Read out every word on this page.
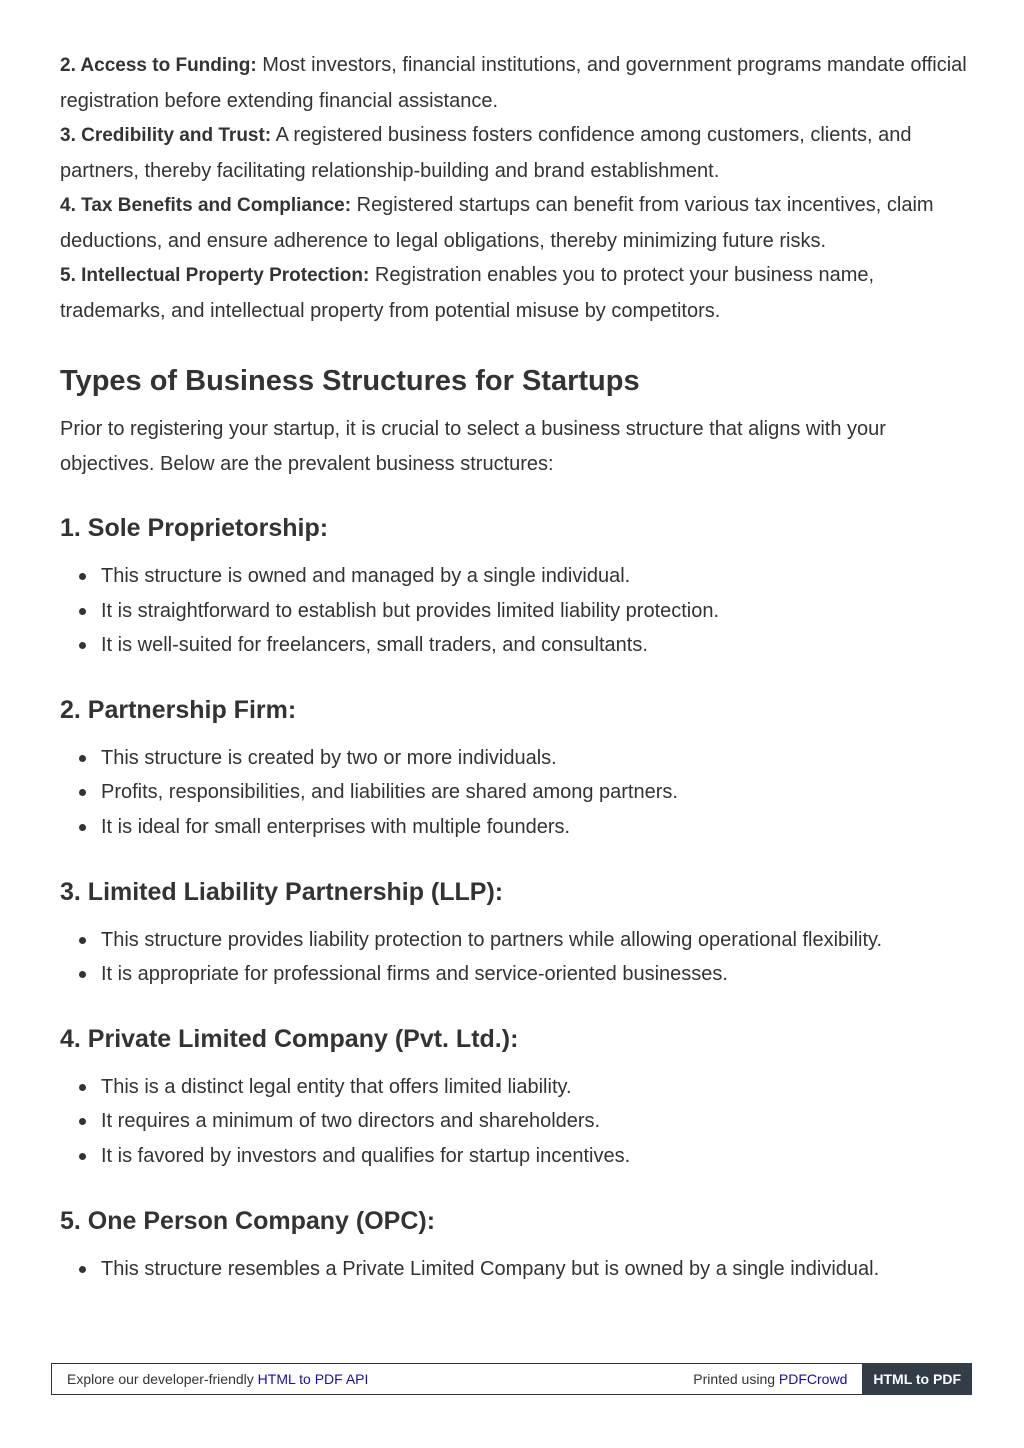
2. Access to Funding: Most investors, financial institutions, and government programs mandate official registration before extending financial assistance.

3. Credibility and Trust: A registered business fosters confidence among customers, clients, and partners, thereby facilitating relationship-building and brand establishment.

4. Tax Benefits and Compliance: Registered startups can benefit from various tax incentives, claim deductions, and ensure adherence to legal obligations, thereby minimizing future risks.

5. Intellectual Property Protection: Registration enables you to protect your business name, trademarks, and intellectual property from potential misuse by competitors.

Types of Business Structures for Startups

Prior to registering your startup, it is crucial to select a business structure that aligns with your objectives. Below are the prevalent business structures:

1. Sole Proprietorship:
This structure is owned and managed by a single individual.
It is straightforward to establish but provides limited liability protection.
It is well-suited for freelancers, small traders, and consultants.
2. Partnership Firm:
This structure is created by two or more individuals.
Profits, responsibilities, and liabilities are shared among partners.
It is ideal for small enterprises with multiple founders.
3. Limited Liability Partnership (LLP):
This structure provides liability protection to partners while allowing operational flexibility.
It is appropriate for professional firms and service-oriented businesses.
4. Private Limited Company (Pvt. Ltd.):
This is a distinct legal entity that offers limited liability.
It requires a minimum of two directors and shareholders.
It is favored by investors and qualifies for startup incentives.
5. One Person Company (OPC):
This structure resembles a Private Limited Company but is owned by a single individual.
Explore our developer-friendly HTML to PDF API	Printed using PDFCrowd	HTML to PDF
